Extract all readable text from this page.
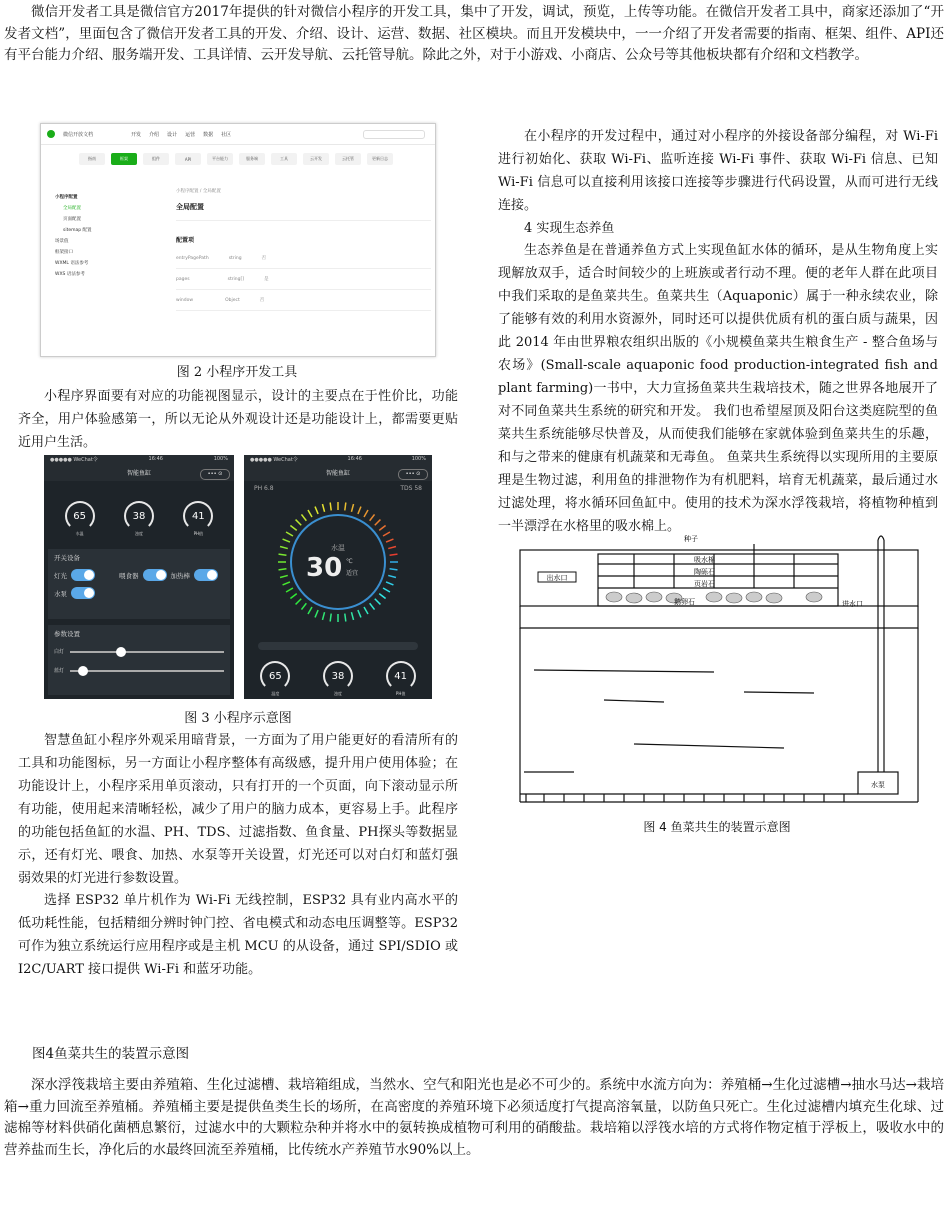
微信开发者工具是微信官方2017年提供的针对微信小程序的开发工具，集中了开发，调试，预览，上传等功能。在微信开发者工具中，商家还添加了“开发者文档”，里面包含了微信开发者工具的开发、介绍、设计、运营、数据、社区模块。而且开发模块中，一一介绍了开发者需要的指南、框架、组件、API还有平台能力介绍、服务端开发、工具详情、云开发导航、云托管导航。除此之外，对于小游戏、小商店、公众号等其他板块都有介绍和文档教学。
微信开放文档	开发 介绍 设计 运营 数据 社区
指南	框架	组件	API	平台能力	服务端	工具	云开发	云托管	更新日志
小程序配置
全局配置
页面配置
sitemap 配置
场景值
框架接口
WXML 语法参考
WXS 语法参考
小程序配置 / 全局配置
全局配置
配置项
entryPagePath	string	否
pages	string[]	是
window	Object	否
图 2 小程序开发工具
小程序界面要有对应的功能视图显示，设计的主要点在于性价比，功能齐全，用户体验感第一，所以无论从外观设计还是功能设计上，都需要更贴近用户生活。
●●●●● WeChat令	16:46	100%
智能鱼缸	••• ⊙
65
水温
38
浊度
41
PH值
开关设备
灯光	喂食器	加热棒
水泵
参数设置
白灯
蓝灯
●●●●● WeChat令	16:46	100%
智能鱼缸	••• ⊙
PH 6.8	TDS 58
水温
30 ℃
适宜
65
温度
38
浊度
41
PH值
图 3 小程序示意图
智慧鱼缸小程序外观采用暗背景，一方面为了用户能更好的看清所有的工具和功能图标，另一方面让小程序整体有高级感，提升用户使用体验；在功能设计上，小程序采用单页滚动，只有打开的一个页面，向下滚动显示所有功能，使用起来清晰轻松，减少了用户的脑力成本，更容易上手。此程序的功能包括鱼缸的水温、PH、TDS、过滤指数、鱼食量、PH探头等数据显示，还有灯光、喂食、加热、水泵等开关设置，灯光还可以对白灯和蓝灯强弱效果的灯光进行参数设置。
选择 ESP32 单片机作为 Wi-Fi 无线控制，ESP32 具有业内高水平的低功耗性能，包括精细分辨时钟门控、省电模式和动态电压调整等。ESP32 可作为独立系统运行应用程序或是主机 MCU 的从设备，通过 SPI/SDIO 或 I2C/UART 接口提供 Wi-Fi 和蓝牙功能。
在小程序的开发过程中，通过对小程序的外接设备部分编程，对 Wi-Fi 进行初始化、获取 Wi-Fi、监听连接 Wi-Fi 事件、获取 Wi-Fi 信息、已知 Wi-Fi 信息可以直接利用该接口连接等步骤进行代码设置，从而可进行无线连接。
4 实现生态养鱼
生态养鱼是在普通养鱼方式上实现鱼缸水体的循环，是从生物角度上实现解放双手，适合时间较少的上班族或者行动不理。便的老年人群在此项目中我们采取的是鱼菜共生。鱼菜共生（Aquaponic）属于一种永续农业，除了能够有效的利用水资源外，同时还可以提供优质有机的蛋白质与蔬果，因此 2014 年由世界粮农组织出版的《小规模鱼菜共生粮食生产 - 整合鱼场与农场》(Small-scale aquaponic food production-integrated fish and plant farming)一书中，大力宣扬鱼菜共生栽培技术，随之世界各地展开了对不同鱼菜共生系统的研究和开发。 我们也希望屋顶及阳台这类庭院型的鱼菜共生系统能够尽快普及，从而使我们能够在家就体验到鱼菜共生的乐趣，和与之带来的健康有机蔬菜和无毒鱼。 鱼菜共生系统得以实现所用的主要原理是生物过滤，利用鱼的排泄物作为有机肥料，培育无机蔬菜，最后通过水过滤处理，将水循环回鱼缸中。使用的技术为深水浮筏栽培，将植物种植到一半漂浮在水格里的吸水棉上。
出水口
种子
吸水棉
陶砾石
页岩石
鹅卵石	进水口
水泵
图 4 鱼菜共生的装置示意图
图4鱼菜共生的装置示意图
深水浮筏栽培主要由养殖箱、生化过滤槽、栽培箱组成，当然水、空气和阳光也是必不可少的。系统中水流方向为：养殖桶→生化过滤槽→抽水马达→栽培箱→重力回流至养殖桶。养殖桶主要是提供鱼类生长的场所，在高密度的养殖环境下必须适度打气提高溶氧量，以防鱼只死亡。生化过滤槽内填充生化球、过滤棉等材料供硝化菌栖息繁衍，过滤水中的大颗粒杂种并将水中的氨转换成植物可利用的硝酸盐。栽培箱以浮筏水培的方式将作物定植于浮板上，吸收水中的营养盐而生长，净化后的水最终回流至养殖桶，比传统水产养殖节水90%以上。
